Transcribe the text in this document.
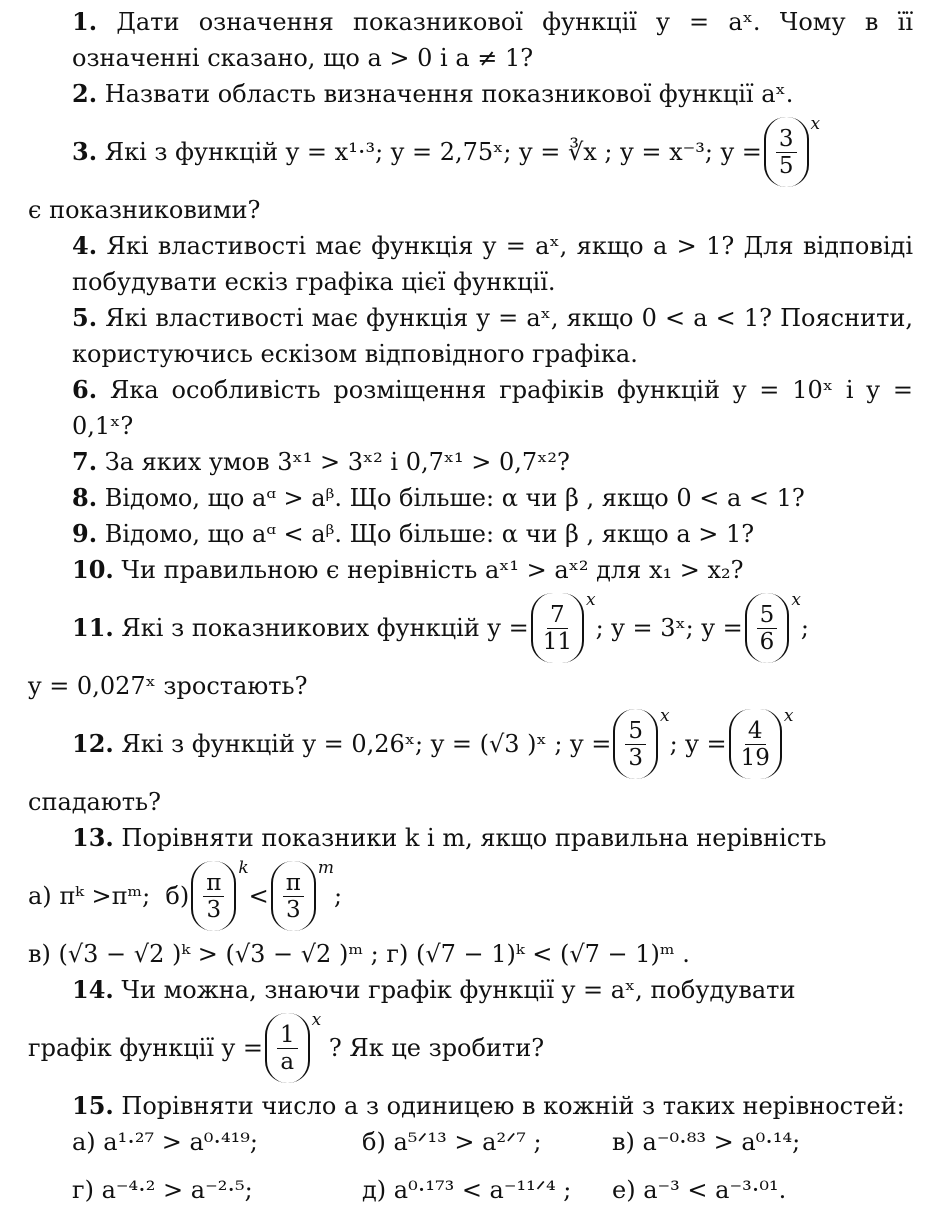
1. Дати означення показникової функції y = aˣ. Чому в її означенні сказано, що a > 0 і a ≠ 1?

2. Назвати область визначення показникової функції aˣ.

3.
Які з функцій y = x¹·³; y = 2,75ˣ; y = ∛x ; y = x⁻³; $y = \frac{3}{5}$
x

є показниковими?

4. Які властивості має функція y = aˣ, якщо a > 1? Для відповіді побудувати ескіз графіка цієї функції.

5. Які властивості має функція y = aˣ, якщо 0 < a < 1? Пояснити, користуючись ескізом відповідного графіка.

6. Яка особливість розміщення графіків функцій y = 10ˣ і y = 0,1ˣ?

7. За яких умов 3ˣ¹ > 3ˣ² і 0,7ˣ¹ > 0,7ˣ²?

8. Відомо, що aᵅ > aᵝ. Що більше: α чи β , якщо 0 < a < 1?

9. Відомо, що aᵅ < aᵝ. Що більше: α чи β , якщо a > 1?

10. Чи правильною є нерівність aˣ¹ > aˣ² для x₁ > x₂?

11.
Які з показникових функцій $y = \frac{7}{11}$
x
; y = 3ˣ; $y = \frac{5}{6}$
x
;

y = 0,027ˣ зростають?

12.
Які з функцій y = 0,26ˣ; y = (√3 )ˣ ; $y = \frac{5}{3}$
x
; $y = \frac{4}{19}$
x

спадають?

13. Порівняти показники k і m, якщо правильна нерівність

а)
πᵏ >πᵐ;
$б) \frac{\pi}{3}$
k
< $\frac{\pi}{3}$
m
;

в) (√3 − √2 )ᵏ > (√3 − √2 )ᵐ ; г) (√7 − 1)ᵏ < (√7 − 1)ᵐ .

14. Чи можна, знаючи графік функції y = aˣ, побудувати

графік функції $y = \frac{1}{a}$
x

? Як це зробити?

15. Порівняти число a з одиницею в кожній з таких нерівностей:

а) a¹·²⁷ > a⁰·⁴¹⁹;	б) a⁵ᐟ¹³ > a²ᐟ⁷ ;	в) a⁻⁰·⁸³ > a⁰·¹⁴;
г) a⁻⁴·² > a⁻²·⁵;	д) a⁰·¹⁷³ < a⁻¹¹ᐟ⁴ ;	е) a⁻³ < a⁻³·⁰¹.
